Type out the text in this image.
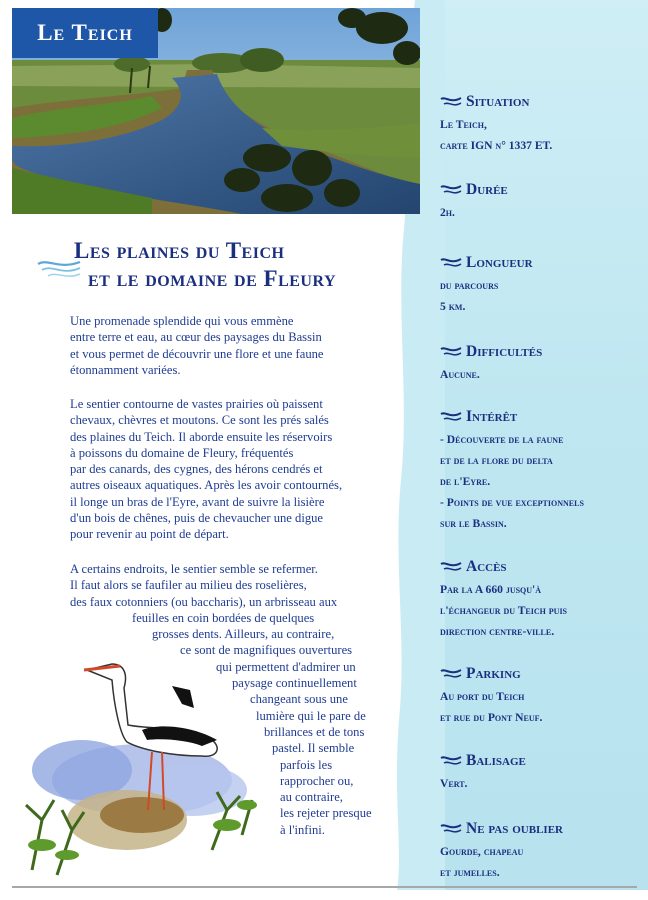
Le Teich
Les plaines du Teich
et le domaine de Fleury
Une promenade splendide qui vous emmène
entre terre et eau, au cœur des paysages du Bassin
et vous permet de découvrir une flore et une faune
étonnamment variées.
Le sentier contourne de vastes prairies où paissent
chevaux, chèvres et moutons. Ce sont les prés salés
des plaines du Teich. Il aborde ensuite les réservoirs
à poissons du domaine de Fleury, fréquentés
par des canards, des cygnes, des hérons cendrés et
autres oiseaux aquatiques. Après les avoir contournés,
il longe un bras de l'Eyre, avant de suivre la lisière
d'un bois de chênes, puis de chevaucher une digue
pour revenir au point de départ.
A certains endroits, le sentier semble se refermer.
Il faut alors se faufiler au milieu des roselières,
des faux cotonniers (ou baccharis), un arbrisseau aux
feuilles en coin bordées de quelques
grosses dents. Ailleurs, au contraire,
ce sont de magnifiques ouvertures
qui permettent d'admirer un
paysage continuellement
changeant sous une
lumière qui le pare de
brillances et de tons
pastel. Il semble
parfois les
rapprocher ou,
au contraire,
les rejeter presque
à l'infini.
Situation
Le Teich,
carte IGN n° 1337 ET.
Durée
2h.
Longueur
du parcours
5 km.
Difficultés
Aucune.
Intérêt
- Découverte de la faune
et de la flore du delta
de l'Eyre.
- Points de vue exceptionnels
sur le Bassin.
Accès
Par la A 660 jusqu'à
l'échangeur du Teich puis
direction centre-ville.
Parking
Au port du Teich
et rue du Pont Neuf.
Balisage
Vert.
Ne pas oublier
Gourde, chapeau
et jumelles.
